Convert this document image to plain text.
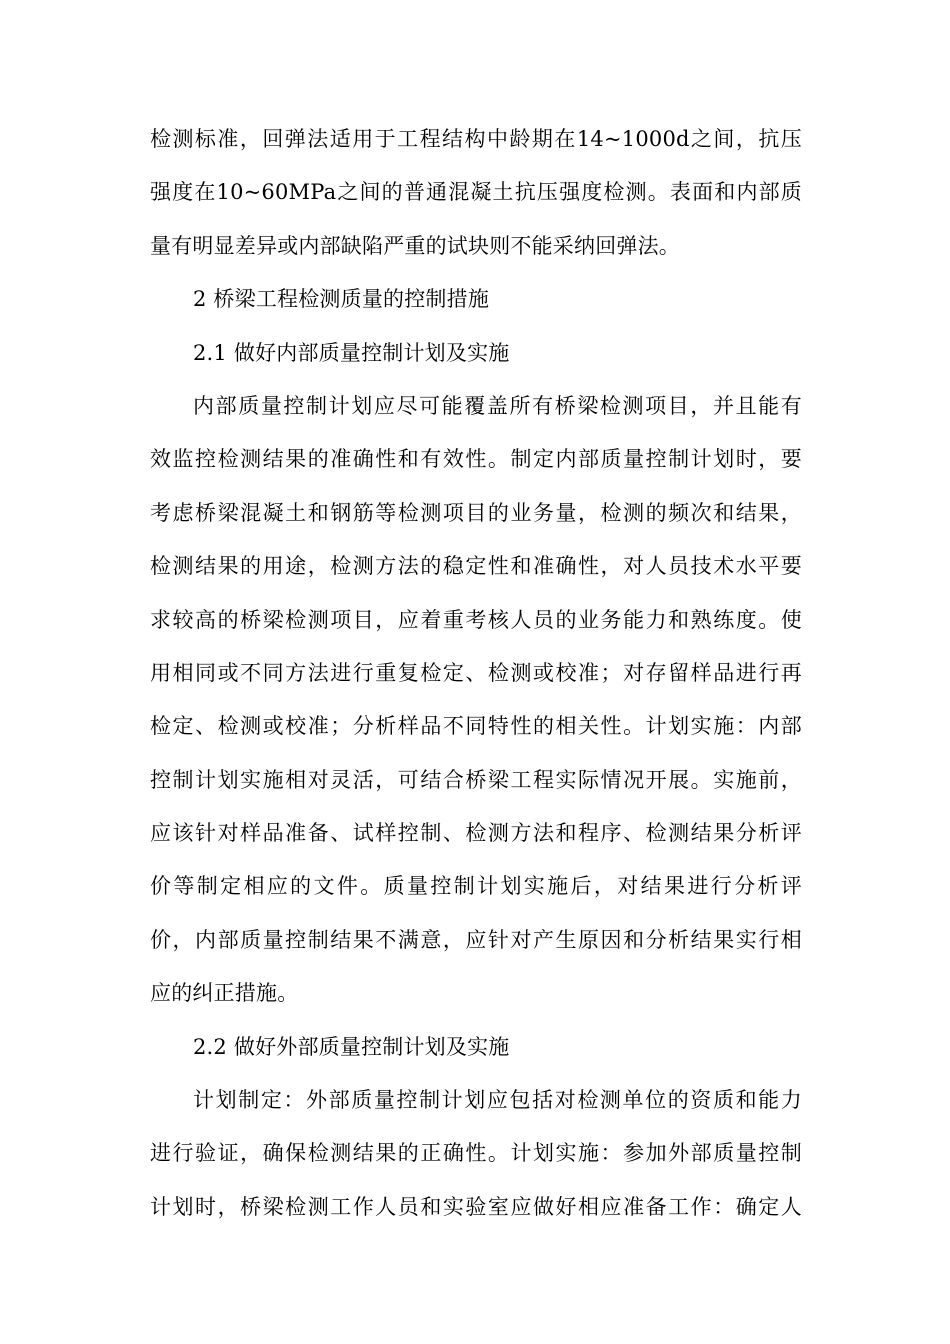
检测标准，回弹法适用于工程结构中龄期在14~1000d之间，抗压
强度在10~60MPa之间的普通混凝土抗压强度检测。表面和内部质
量有明显差异或内部缺陷严重的试块则不能采纳回弹法。
2 桥梁工程检测质量的控制措施
2.1 做好内部质量控制计划及实施
内部质量控制计划应尽可能覆盖所有桥梁检测项目，并且能有
效监控检测结果的准确性和有效性。制定内部质量控制计划时，要
考虑桥梁混凝土和钢筋等检测项目的业务量，检测的频次和结果，
检测结果的用途，检测方法的稳定性和准确性，对人员技术水平要
求较高的桥梁检测项目，应着重考核人员的业务能力和熟练度。使
用相同或不同方法进行重复检定、检测或校准；对存留样品进行再
检定、检测或校准；分析样品不同特性的相关性。计划实施：内部
控制计划实施相对灵活，可结合桥梁工程实际情况开展。实施前，
应该针对样品准备、试样控制、检测方法和程序、检测结果分析评
价等制定相应的文件。质量控制计划实施后，对结果进行分析评
价，内部质量控制结果不满意，应针对产生原因和分析结果实行相
应的纠正措施。
2.2 做好外部质量控制计划及实施
计划制定：外部质量控制计划应包括对检测单位的资质和能力
进行验证，确保检测结果的正确性。计划实施：参加外部质量控制
计划时，桥梁检测工作人员和实验室应做好相应准备工作：确定人
